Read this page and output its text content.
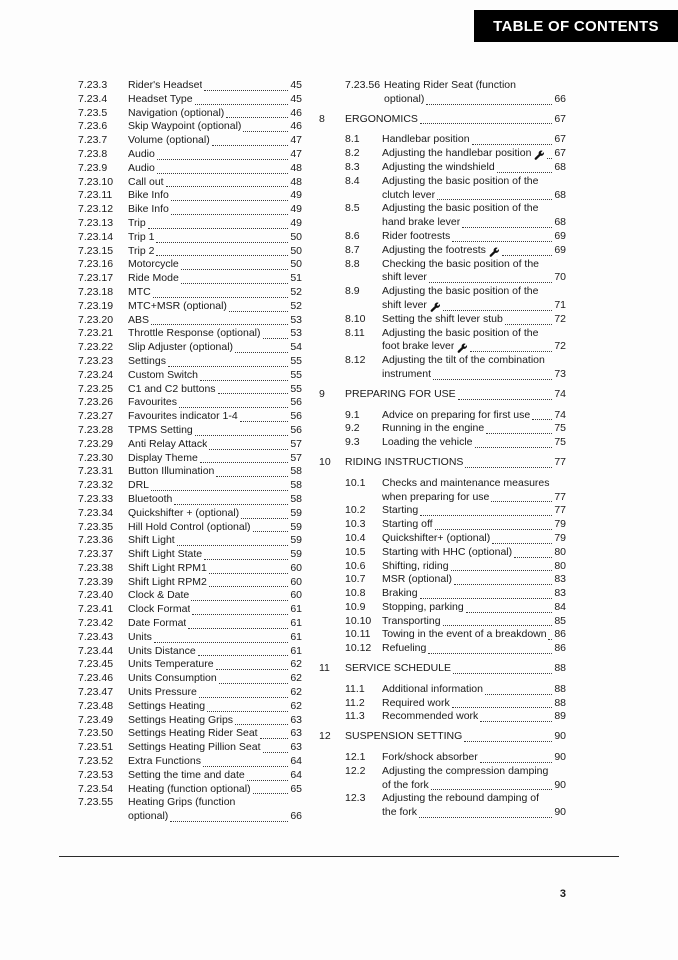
TABLE OF CONTENTS
7.23.3	Rider's Headset	45
7.23.4	Headset Type	45
7.23.5	Navigation (optional)	46
7.23.6	Skip Waypoint (optional)	46
7.23.7	Volume (optional)	47
7.23.8	Audio	47
7.23.9	Audio	48
7.23.10	Call out	48
7.23.11	Bike Info	49
7.23.12	Bike Info	49
7.23.13	Trip	49
7.23.14	Trip 1	50
7.23.15	Trip 2	50
7.23.16	Motorcycle	50
7.23.17	Ride Mode	51
7.23.18	MTC	52
7.23.19	MTC+MSR (optional)	52
7.23.20	ABS	53
7.23.21	Throttle Response (optional)	53
7.23.22	Slip Adjuster (optional)	54
7.23.23	Settings	55
7.23.24	Custom Switch	55
7.23.25	C1 and C2 buttons	55
7.23.26	Favourites	56
7.23.27	Favourites indicator 1-4	56
7.23.28	TPMS Setting	56
7.23.29	Anti Relay Attack	57
7.23.30	Display Theme	57
7.23.31	Button Illumination	58
7.23.32	DRL	58
7.23.33	Bluetooth	58
7.23.34	Quickshifter + (optional)	59
7.23.35	Hill Hold Control (optional)	59
7.23.36	Shift Light	59
7.23.37	Shift Light State	59
7.23.38	Shift Light RPM1	60
7.23.39	Shift Light RPM2	60
7.23.40	Clock & Date	60
7.23.41	Clock Format	61
7.23.42	Date Format	61
7.23.43	Units	61
7.23.44	Units Distance	61
7.23.45	Units Temperature	62
7.23.46	Units Consumption	62
7.23.47	Units Pressure	62
7.23.48	Settings Heating	62
7.23.49	Settings Heating Grips	63
7.23.50	Settings Heating Rider Seat	63
7.23.51	Settings Heating Pillion Seat	63
7.23.52	Extra Functions	64
7.23.53	Setting the time and date	64
7.23.54	Heating (function optional)	65
7.23.55	Heating Grips (function
optional)	66
7.23.56 Heating Rider Seat (function
optional)	66
8	ERGONOMICS	67
8.1	Handlebar position	67
8.2	Adjusting the handlebar position 67
8.3	Adjusting the windshield	68
8.4	Adjusting the basic position of the
clutch lever	68
8.5	Adjusting the basic position of the
hand brake lever	68
8.6	Rider footrests	69
8.7	Adjusting the footrests	69
8.8	Checking the basic position of the
shift lever	70
8.9	Adjusting the basic position of the
shift lever	71
8.10	Setting the shift lever stub	72
8.11	Adjusting the basic position of the
foot brake lever	72
8.12	Adjusting the tilt of the combination
instrument	73
9	PREPARING FOR USE	74
9.1	Advice on preparing for first use 74
9.2	Running in the engine	75
9.3	Loading the vehicle	75
10	RIDING INSTRUCTIONS	77
10.1	Checks and maintenance measures
when preparing for use	77
10.2	Starting	77
10.3	Starting off	79
10.4	Quickshifter+ (optional)	79
10.5	Starting with HHC (optional)	80
10.6	Shifting, riding	80
10.7	MSR (optional)	83
10.8	Braking	83
10.9	Stopping, parking	84
10.10	Transporting	85
10.11	Towing in the event of a breakdown 86
10.12	Refueling	86
11	SERVICE SCHEDULE	88
11.1	Additional information	88
11.2	Required work	88
11.3	Recommended work	89
12	SUSPENSION SETTING	90
12.1	Fork/shock absorber	90
12.2	Adjusting the compression damping
of the fork	90
12.3	Adjusting the rebound damping of
the fork	90
3
